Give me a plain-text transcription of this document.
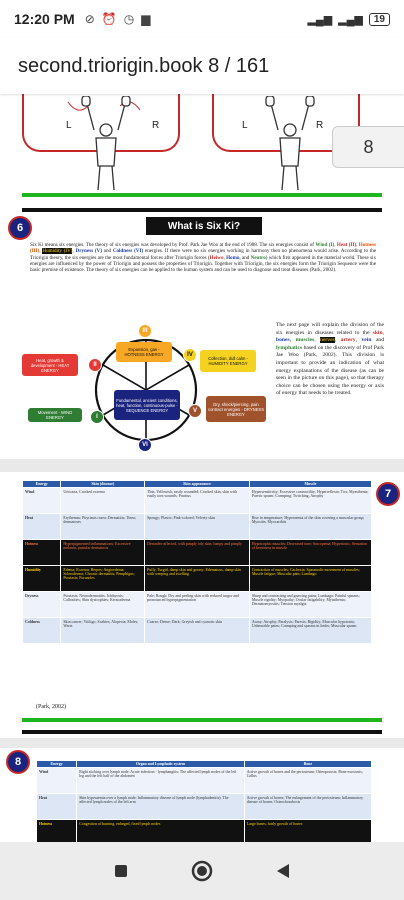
12:20 PM ⊘ ⏰ ◷ ▆	▂▄▆ ▂▄▆	19
second.triorigin.book 8 / 161
8
L	R	L	R
6	What is Six Ki?
Six Ki means six energies. The theory of six energies was developed by Prof. Park Jae Woo at the end of 1988. The six energies consist of Wind (I), Heat (II), Hotness (III), Humidity (IV), Dryness (V) and Coldness (VI) energies. If there were no six energies working in harmony then no phenomena would arise. According to the Triorigin theory, the six energies are the most fundamental forces after Triorigin forces (Heiwo, Homo, and Neutro) which first appeared in the material world. These six energies are influenced by the power of Triorigin and possess the properties of Triorigin. Together with Triorigin, the six energies form the Triorigin Sequence were the basic premise of existence. The theory of six energies can be applied to the human system and can be used to diagnose and treat diseases (Park, 2002).
Expansion, gas - HOTNESS ENERGY
Collection, dull calm - HUMIDITY ENERGY
Heat, growth & development - HEAT ENERGY
Fundamental, ancient conditions, heat, function, continuous-pulse - SEQUENCE ENERGY
Movement - WIND ENERGY
Dry, shock/piercing, pain contract energies - DRYNESS ENERGY
III
IV
II
V
I
VI
The next page will explain the division of the six energies in diseases related to the skin, bones, muscles, nerves, artery, vein and lymphatics based on the discovery of Prof Park Jae Woo (Park, 2002). This division is important to provide an indication of what energy explanations of the disease (as can be seen in the picture on this page), so that therapy choice can be chosen using the energy or axis of energy that needs to be treated.
7
Energy	Skin (disease)	Skin appearance	Muscle
Wind	Urticaria, Cracked eczema	Thin, Yellowish, easily wounded; Cracked skin, skin with easily torn wounds; Pruritus	Hypersensitivity; Excessive contractility; Hyperreflexia; Tics; Myasthenia; Paretic spasm; Cramping; Twitching, Atrophy
Heat	Erythemas; Pityriasis rosea; Dermatitis; Tinea; dermatoses	Spongy; Plastic; Pink-colored; Velvety skin	Rise in temperature; Hyperaemia of the skin covering a muscular group; Myositis; Myocarditis
Hotness	Hyperpigmented inflammations; Excessive melanin, pustular dermatosis	Demodex-affected, with pimply oily skin; lumpy and pimply	Hypotrophic muscles; Decreased tone; Sarcopenia; Hypertonic; Sensation of heaviness in muscle
Humidity	Edema; Eczema; Herpes; Angioedema; Scleroderma; Chronic dermatitis; Pemphigus; Psoriasis; Furuncles	Puffy, Turgid, damp skin and greasy; Edematous, damp skin with weeping and swelling	Contraction of muscles; Cachexia; Spasmodic movement of muscles; Muscle fatigue; Muscular pain; Lumbago
Dryness	Psoriasis; Neurodermatitis; Ichthyosis; Callosities; Skin dystrophies; Keratoderma	Pale; Rough; Dry and peeling skin with reduced turgor and pronounced hyperpigmentation	Sharp and contracting and gnawing pains; Lumbago; Painful spasms; Muscle rigidity; Myopathy; Ocular fatigability; Myasthenia; Dermatomyositis; Tension myalgia
Coldness	Skin cancer; Vitiligo; Scabies; Alopecia; Moles; Warts	Coarse; Dense; Dark; Greyish and cyanotic skin	Atony; Atrophy; Paralysis; Paresis; Rigidity; Muscular hypotonia; Unbearable pains; Cramping and spasms in limbs; Muscular spasm
(Park, 2002)
8	Energy	Organ and Lymphatic system	Bone
Wind	Right sticking over lymph node; Acute infection - lymphangitis; The affected lymph nodes of the left leg and the left half of the abdomen	Active growth of bones and the periosteum; Osteoporosis; Bone exostosis; Callus
Heat	Skin hyperaemia over a lymph node; Inflammatory disease of lymph node (lymphadenitis); The affected lymph nodes of the left arm	Active growth of bones; The enlargement of the periosteum; Inflammatory disease of bones; Osteochondrosis
Hotness	Congestion of burning, enlarged, fixed lymph nodes	Large bones, fairly growth of bones
